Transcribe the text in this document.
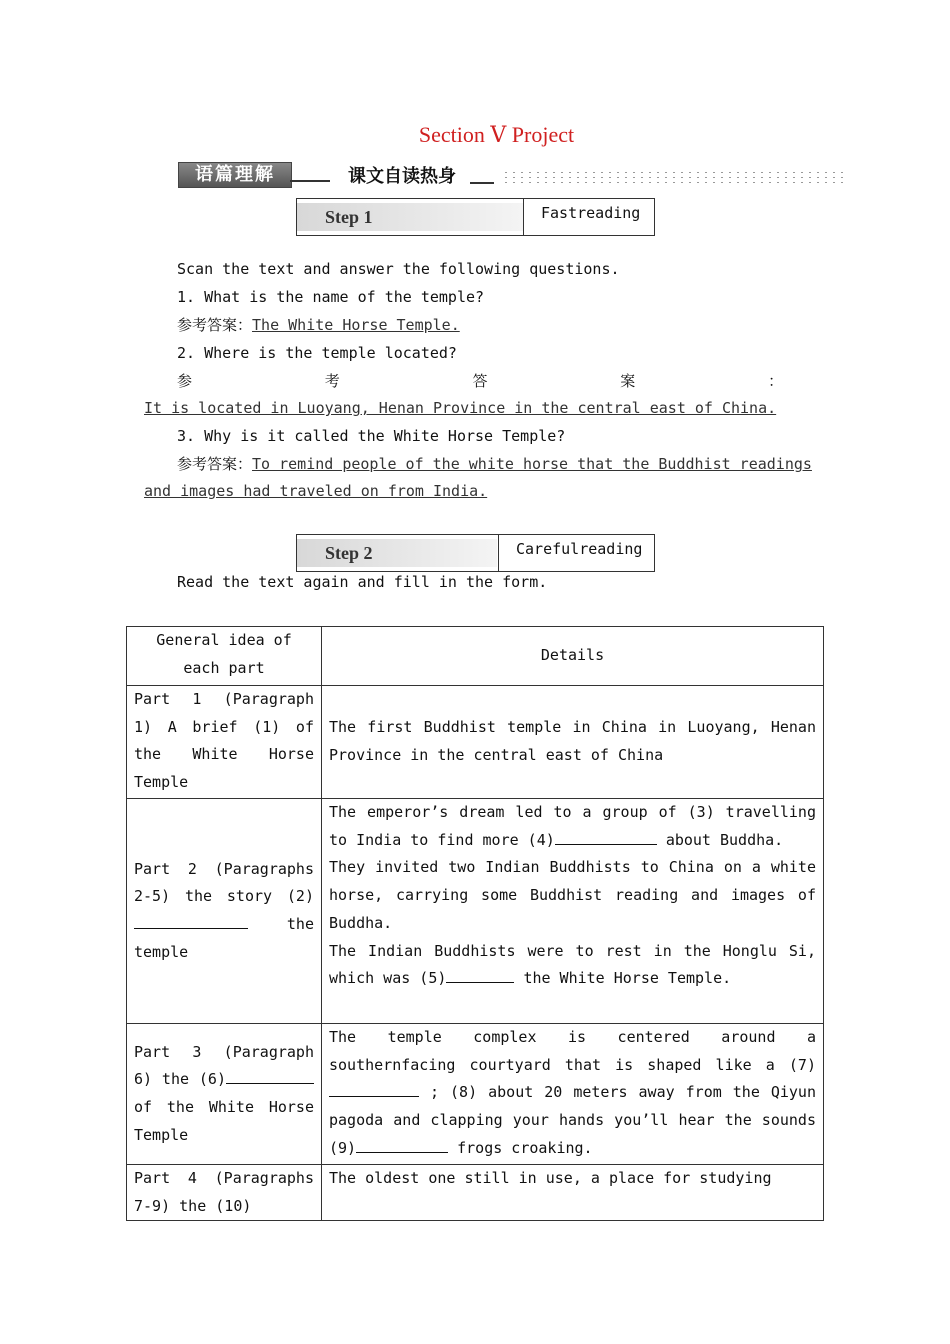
Section Ⅴ Project
语篇理解	课文自读热身
Step 1	Fastreading
Scan the text and answer the following questions.
1. What is the name of the temple?
参考答案：The White Horse Temple.
2. Where is the temple located?
参 考 答 案 ：
It is located in Luoyang, Henan Province in the central east of China.
3. Why is it called the White Horse Temple?
参考答案：To remind people of the white horse that the Buddhist readings
and images had traveled on from India.
Step 2	Carefulreading
Read the text again and fill in the form.
General idea of each part	Details
Part 1 (Paragraph 1) A brief (1) of the White Horse Temple	The first Buddhist temple in China in Luoyang, Henan Province in the central east of China
Part 2 (Paragraphs 2-5) the story (2) the temple	The emperor’s dream led to a group of (3) travelling to India to find more (4) about Buddha.
They invited two Indian Buddhists to China on a white horse, carrying some Buddhist reading and images of Buddha.
The Indian Buddhists were to rest in the Honglu Si, which was (5) the White Horse Temple.

Part 3 (Paragraph 6) the (6) of the White Horse Temple	The temple complex is centered around a southernfacing courtyard that is shaped like a (7) ; (8) about 20 meters away from the Qiyun pagoda and clapping your hands you’ll hear the sounds (9) frogs croaking.
Part 4 (Paragraphs 7-9) the (10)	The oldest one still in use, a place for studying
